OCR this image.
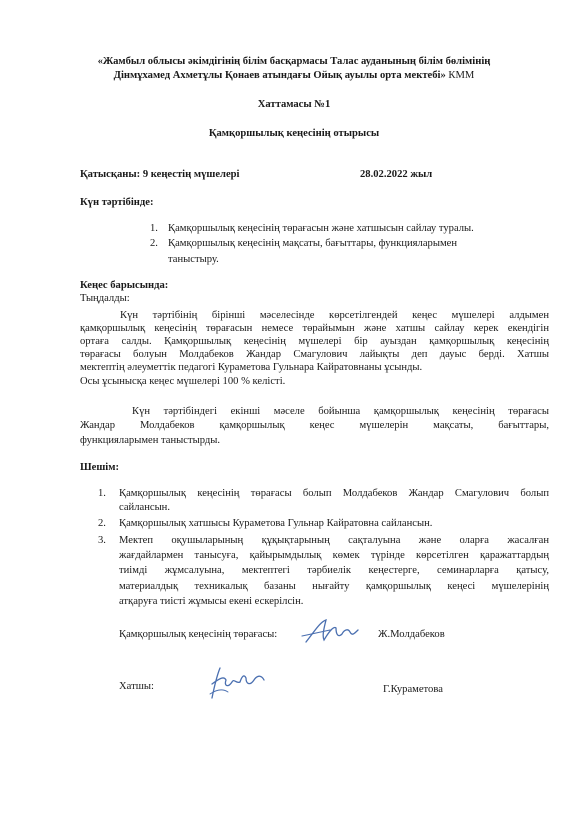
«Жамбыл облысы әкімдігінің білім басқармасы Талас ауданының білім бөлімінің
Дінмұхамед Ахметұлы Қонаев атындағы Ойық ауылы орта мектебі» КММ
Хаттамасы №1
Қамқоршылық кеңесінің отырысы
Қатысқаны: 9 кеңестің мүшелері	28.02.2022 жыл
Күн тәртібінде:
1. Қамқоршылық кеңесінің төрағасын және хатшысын сайлау туралы.
2. Қамқоршылық кеңесінің мақсаты, бағыттары, функцияларымен
таныстыру.
Кеңес барысында:
Тыңдалды:
Күн тәртібінің бірінші мәселесінде көрсетілгендей кеңес мүшелері алдымен
қамқоршылық кеңесінің төрағасын немесе төрайымын және хатшы сайлау керек екендігін
ортаға салды. Қамқоршылық кеңесінің мүшелері бір ауыздан қамқоршылық кеңесінің
төрағасы болуын Молдабеков Жандар Смагулович лайықты деп дауыс берді. Хатшы
мектептің әлеуметтік педагогі Кураметова Гульнара Кайратовнаны ұсынды.
Осы ұсынысқа кеңес мүшелері 100 % келісті.
Күн тәртібіндегі екінші мәселе бойынша қамқоршылық кеңесінің төрағасы
Жандар Молдабеков қамқоршылық кеңес мүшелерін мақсаты, бағыттары,
функцияларымен таныстырды.
Шешім:
1. Қамқоршылық кеңесінің төрағасы болып Молдабеков Жандар Смагулович болып
сайлансын.
2. Қамқоршылық хатшысы Кураметова Гульнар Кайратовна сайлансын.
3. Мектеп оқушыларының құқықтарының сақталуына және оларға жасалған
жағдайлармен танысуға, қайырымдылық көмек түрінде көрсетілген қаражаттардың
тиімді жұмсалуына, мектептегі тәрбиелік кеңестерге, семинарларға қатысу,
материалдық техникалық базаны нығайту қамқоршылық кеңесі мүшелерінің
атқаруға тиісті жұмысы екені ескерілсін.
Қамқоршылық кеңесінің төрағасы:	Ж.Молдабеков
Хатшы:	Г.Кураметова
